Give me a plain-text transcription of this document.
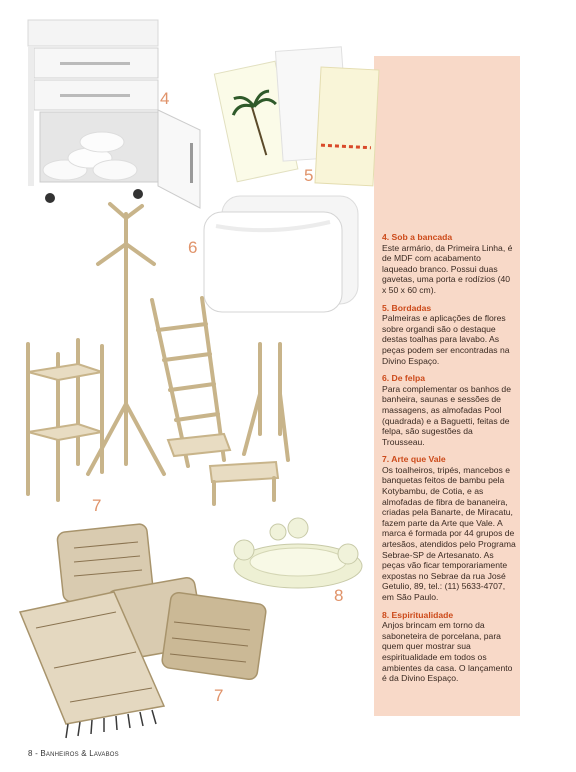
4
5
6
7
7
8
4. Sob a bancada
Este armário, da Primeira Linha, é de MDF com acabamento laqueado branco. Possui duas gavetas, uma porta e rodízios (40 x 50 x 60 cm).
5. Bordadas
Palmeiras e aplicações de flores sobre organdi são o destaque destas toalhas para lavabo. As peças podem ser encontradas na Divino Espaço.
6. De felpa
Para complementar os banhos de banheira, saunas e sessões de massagens, as almofadas Pool (quadrada) e a Baguetti, feitas de felpa, são sugestões da Trousseau.
7. Arte que Vale
Os toalheiros, tripés, mancebos e banquetas feitos de bambu pela Kotybambu, de Cotia, e as almofadas de fibra de bananeira, criadas pela Banarte, de Miracatu, fazem parte da Arte que Vale. A marca é formada por 44 grupos de artesãos, atendidos pelo Programa Sebrae-SP de Artesanato. As peças vão ficar temporariamente expostas no Sebrae da rua José Getulio, 89, tel.: (11) 5633-4707, em São Paulo.
8. Espiritualidade
Anjos brincam em torno da saboneteira de porcelana, para quem quer mostrar sua espiritualidade em todos os ambientes da casa. O lançamento é da Divino Espaço.
8 - Banheiros & Lavabos
